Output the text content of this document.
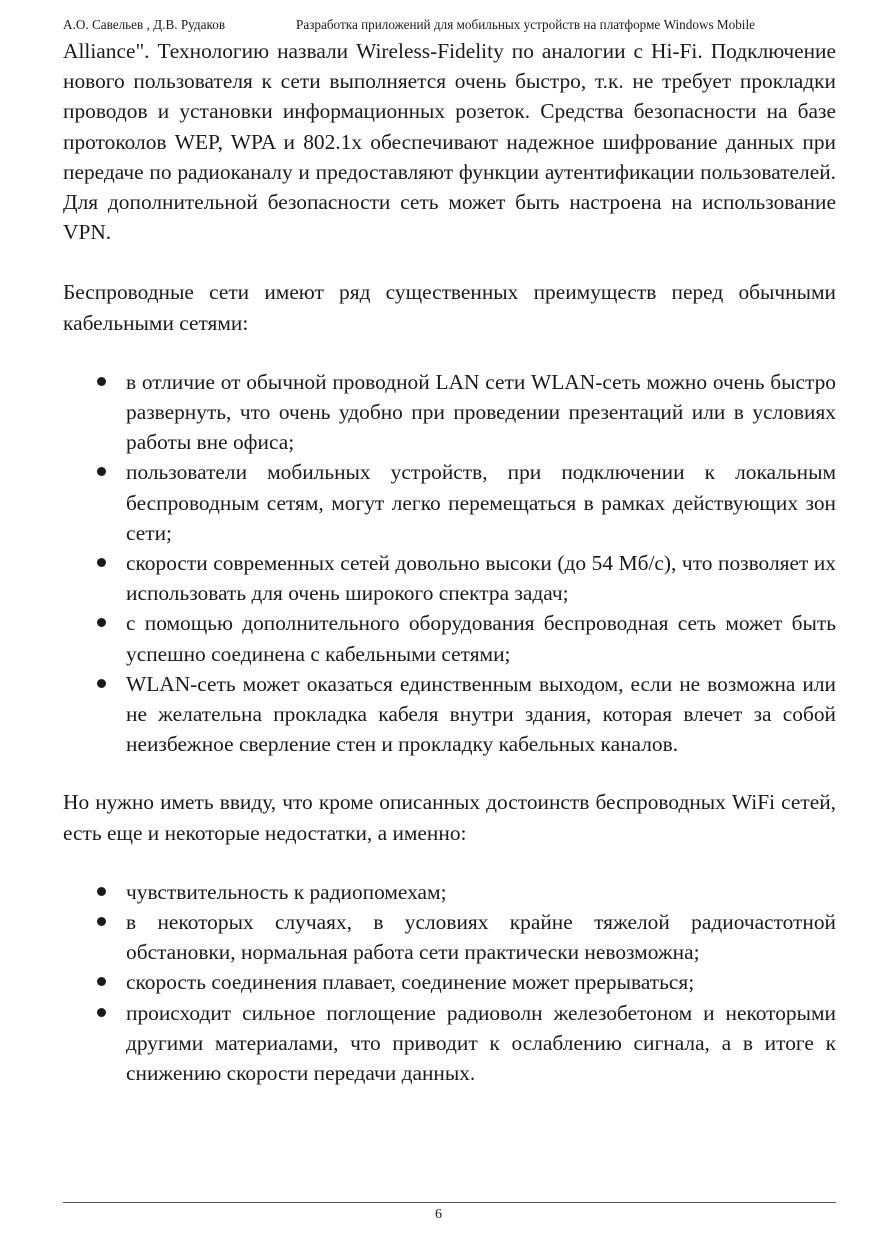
А.О. Савельев , Д.В. Рудаков	Разработка приложений для мобильных устройств на платформе Windows Mobile

Alliance". Технологию назвали Wireless-Fidelity по аналогии с Hi-Fi. Подключение нового пользователя к сети выполняется очень быстро, т.к. не требует прокладки проводов и установки информационных розеток. Средства безопасности на базе протоколов WEP, WPA и 802.1x обеспечивают надежное шифрование данных при передаче по радиоканалу и предоставляют функции аутентификации пользователей. Для дополнительной безопасности сеть может быть настроена на использование VPN.

Беспроводные сети имеют ряд существенных преимуществ перед обычными кабельными сетями:

в отличие от обычной проводной LAN сети WLAN-сеть можно очень быстро развернуть, что очень удобно при проведении презентаций или в условиях работы вне офиса;
пользователи мобильных устройств, при подключении к локальным беспроводным сетям, могут легко перемещаться в рамках действующих зон сети;
скорости современных сетей довольно высоки (до 54 Мб/с), что позволяет их использовать для очень широкого спектра задач;
с помощью дополнительного оборудования беспроводная сеть может быть успешно соединена с кабельными сетями;
WLAN-сеть может оказаться единственным выходом, если не возможна или не желательна прокладка кабеля внутри здания, которая влечет за собой неизбежное сверление стен и прокладку кабельных каналов.

Но нужно иметь ввиду, что кроме описанных достоинств беспроводных WiFi сетей, есть еще и некоторые недостатки, а именно:

чувствительность к радиопомехам;
в некоторых случаях, в условиях крайне тяжелой радиочастотной обстановки, нормальная работа сети практически невозможна;
скорость соединения плавает, соединение может прерываться;
происходит сильное поглощение радиоволн железобетоном и некоторыми другими материалами, что приводит к ослаблению сигнала, а в итоге к снижению скорости передачи данных.
6
